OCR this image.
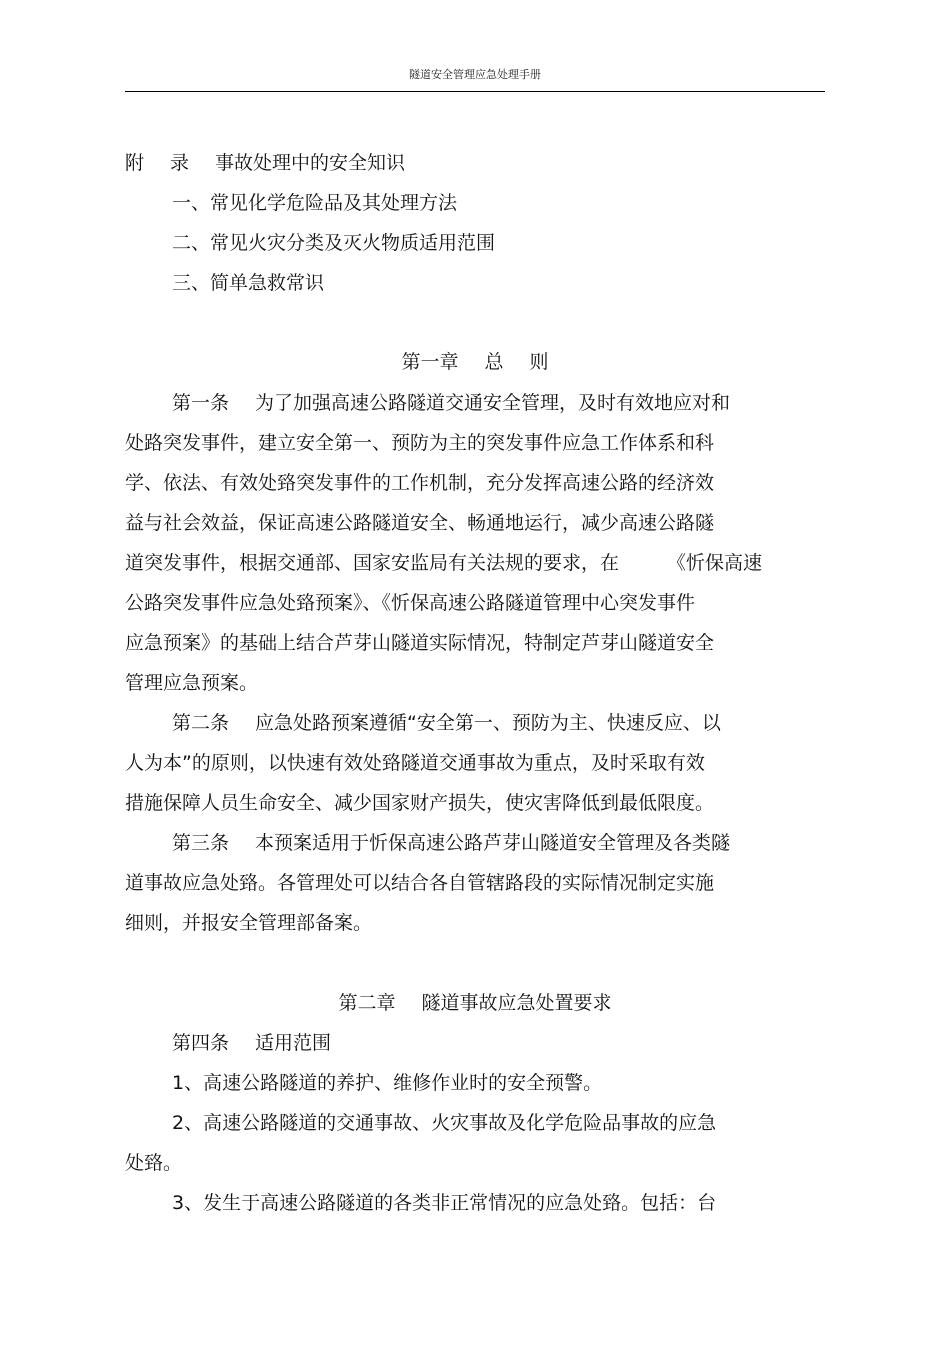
隧道安全管理应急处理手册
附 录 事故处理中的安全知识
一、常见化学危险品及其处理方法
二、常见火灾分类及灭火物质适用范围
三、简单急救常识
第一章 总 则
第一条 为了加强高速公路隧道交通安全管理，及时有效地应对和
处路突发事件，建立安全第一、预防为主的突发事件应急工作体系和科
学、依法、有效处臵突发事件的工作机制，充分发挥高速公路的经济效
益与社会效益，保证高速公路隧道安全、畅通地运行，减少高速公路隧
道突发事件，根据交通部、国家安监局有关法规的要求，在	《忻保高速
公路突发事件应急处臵预案》、《忻保高速公路隧道管理中心突发事件
应急预案》的基础上结合芦芽山隧道实际情况，特制定芦芽山隧道安全
管理应急预案。
第二条 应急处路预案遵循“安全第一、预防为主、快速反应、以
人为本”的原则，以快速有效处臵隧道交通事故为重点，及时采取有效
措施保障人员生命安全、减少国家财产损失，使灾害降低到最低限度。
第三条 本预案适用于忻保高速公路芦芽山隧道安全管理及各类隧
道事故应急处臵。各管理处可以结合各自管辖路段的实际情况制定实施
细则，并报安全管理部备案。
第二章 隧道事故应急处置要求
第四条 适用范围
1、高速公路隧道的养护、维修作业时的安全预警。
2、高速公路隧道的交通事故、火灾事故及化学危险品事故的应急
处臵。
3、发生于高速公路隧道的各类非正常情况的应急处臵。包括：台
